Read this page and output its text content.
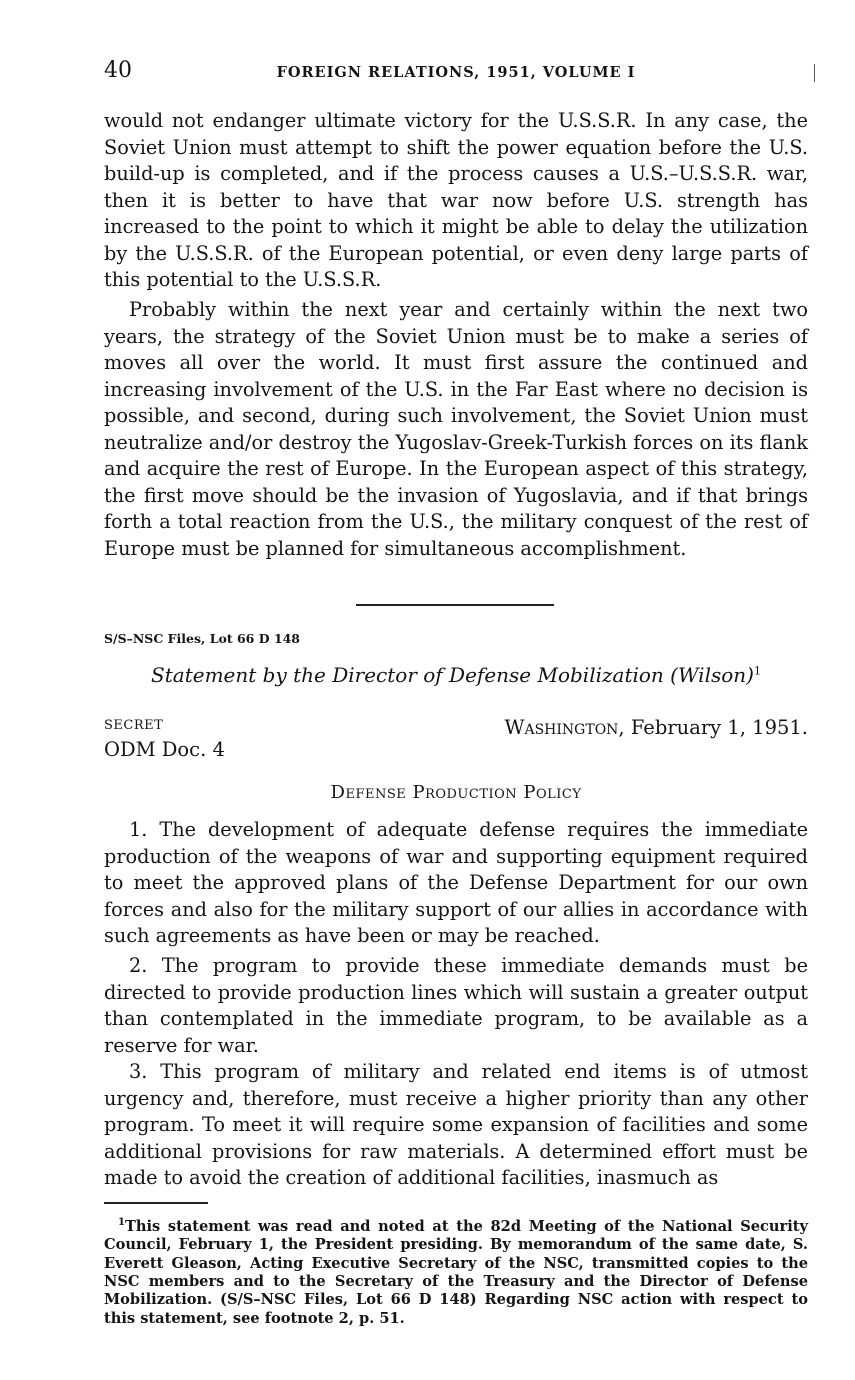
40	FOREIGN RELATIONS, 1951, VOLUME I

would not endanger ultimate victory for the U.S.S.R. In any case, the Soviet Union must attempt to shift the power equation before the U.S. build-up is completed, and if the process causes a U.S.–U.S.S.R. war, then it is better to have that war now before U.S. strength has increased to the point to which it might be able to delay the utilization by the U.S.S.R. of the European potential, or even deny large parts of this potential to the U.S.S.R.

Probably within the next year and certainly within the next two years, the strategy of the Soviet Union must be to make a series of moves all over the world. It must first assure the continued and increasing involvement of the U.S. in the Far East where no decision is possible, and second, during such involvement, the Soviet Union must neutralize and/or destroy the Yugoslav-Greek-Turkish forces on its flank and acquire the rest of Europe. In the European aspect of this strategy, the first move should be the invasion of Yugoslavia, and if that brings forth a total reaction from the U.S., the military conquest of the rest of Europe must be planned for simultaneous accomplishment.

S/S–NSC Files, Lot 66 D 148
Statement by the Director of Defense Mobilization (Wilson)$^1$
SECRET
ODM Doc. 4
Washington, February 1, 1951.
Defense Production Policy

1. The development of adequate defense requires the immediate production of the weapons of war and supporting equipment required to meet the approved plans of the Defense Department for our own forces and also for the military support of our allies in accordance with such agreements as have been or may be reached.

2. The program to provide these immediate demands must be directed to provide production lines which will sustain a greater output than contemplated in the immediate program, to be available as a reserve for war.

3. This program of military and related end items is of utmost urgency and, therefore, must receive a higher priority than any other program. To meet it will require some expansion of facilities and some additional provisions for raw materials. A determined effort must be made to avoid the creation of additional facilities, inasmuch as

$^1$This statement was read and noted at the 82d Meeting of the National Security Council, February 1, the President presiding. By memorandum of the same date, S. Everett Gleason, Acting Executive Secretary of the NSC, transmitted copies to the NSC members and to the Secretary of the Treasury and the Director of Defense Mobilization. (S/S–NSC Files, Lot 66 D 148) Regarding NSC action with respect to this statement, see footnote 2, p. 51.
